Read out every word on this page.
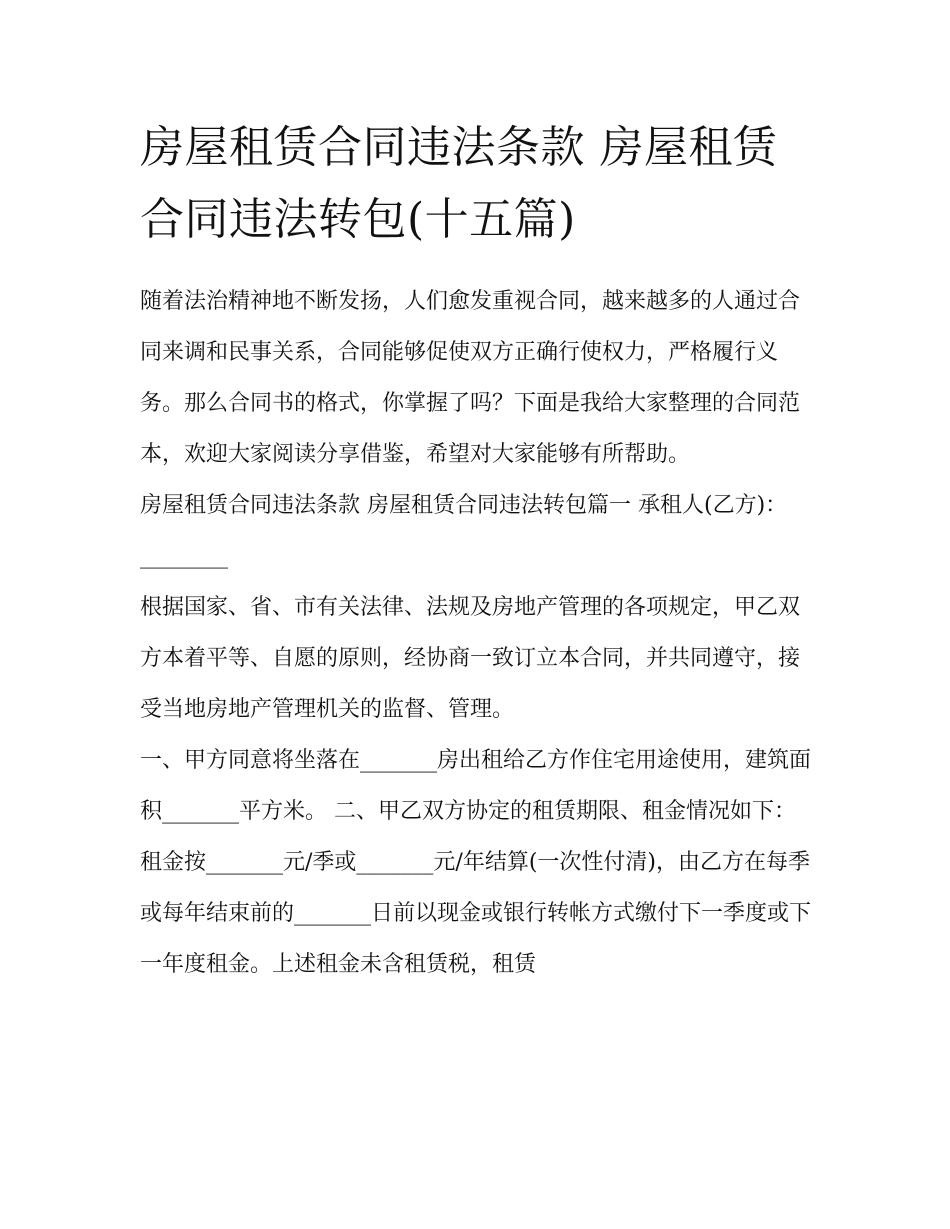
房屋租赁合同违法条款 房屋租赁合同违法转包(十五篇)

随着法治精神地不断发扬，人们愈发重视合同，越来越多的人通过合同来调和民事关系，合同能够促使双方正确行使权力，严格履行义务。那么合同书的格式，你掌握了吗？下面是我给大家整理的合同范本，欢迎大家阅读分享借鉴，希望对大家能够有所帮助。

房屋租赁合同违法条款 房屋租赁合同违法转包篇一 承租人(乙方)：________

根据国家、省、市有关法律、法规及房地产管理的各项规定，甲乙双方本着平等、自愿的原则，经协商一致订立本合同，并共同遵守，接受当地房地产管理机关的监督、管理。

一、甲方同意将坐落在_______房出租给乙方作住宅用途使用，建筑面积_______平方米。 二、甲乙双方协定的租赁期限、租金情况如下：

租金按_______元/季或_______元/年结算(一次性付清)，由乙方在每季或每年结束前的_______日前以现金或银行转帐方式缴付下一季度或下一年度租金。上述租金未含租赁税，租赁
